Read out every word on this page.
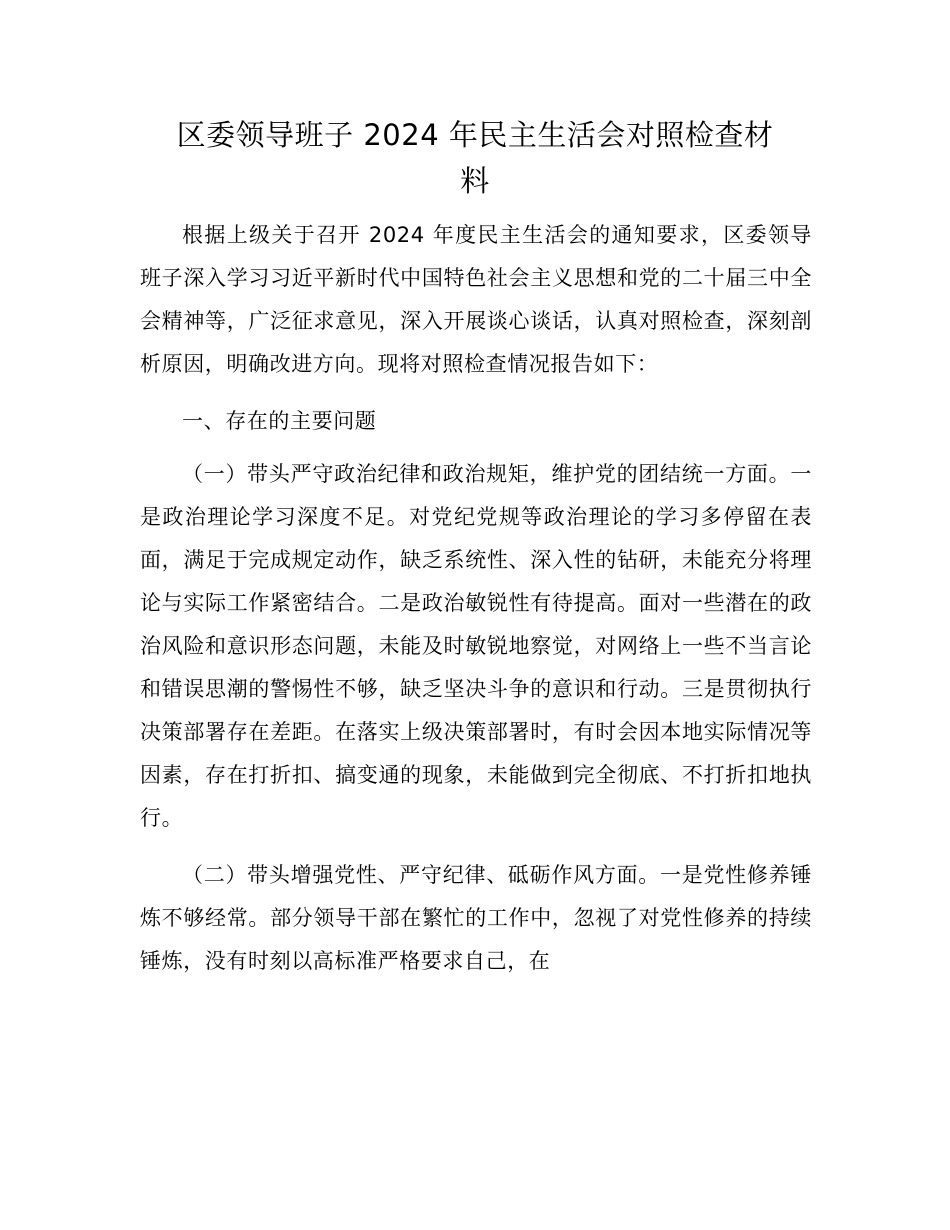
区委领导班子 2024 年民主生活会对照检查材
料

根据上级关于召开 2024 年度民主生活会的通知要求，区委领导班子深入学习习近平新时代中国特色社会主义思想和党的二十届三中全会精神等，广泛征求意见，深入开展谈心谈话，认真对照检查，深刻剖析原因，明确改进方向。现将对照检查情况报告如下：

一、存在的主要问题

（一）带头严守政治纪律和政治规矩，维护党的团结统一方面。一是政治理论学习深度不足。对党纪党规等政治理论的学习多停留在表面，满足于完成规定动作，缺乏系统性、深入性的钻研，未能充分将理论与实际工作紧密结合。二是政治敏锐性有待提高。面对一些潜在的政治风险和意识形态问题，未能及时敏锐地察觉，对网络上一些不当言论和错误思潮的警惕性不够，缺乏坚决斗争的意识和行动。三是贯彻执行决策部署存在差距。在落实上级决策部署时，有时会因本地实际情况等因素，存在打折扣、搞变通的现象，未能做到完全彻底、不打折扣地执行。

（二）带头增强党性、严守纪律、砥砺作风方面。一是党性修养锤炼不够经常。部分领导干部在繁忙的工作中，忽视了对党性修养的持续锤炼，没有时刻以高标准严格要求自己，在
